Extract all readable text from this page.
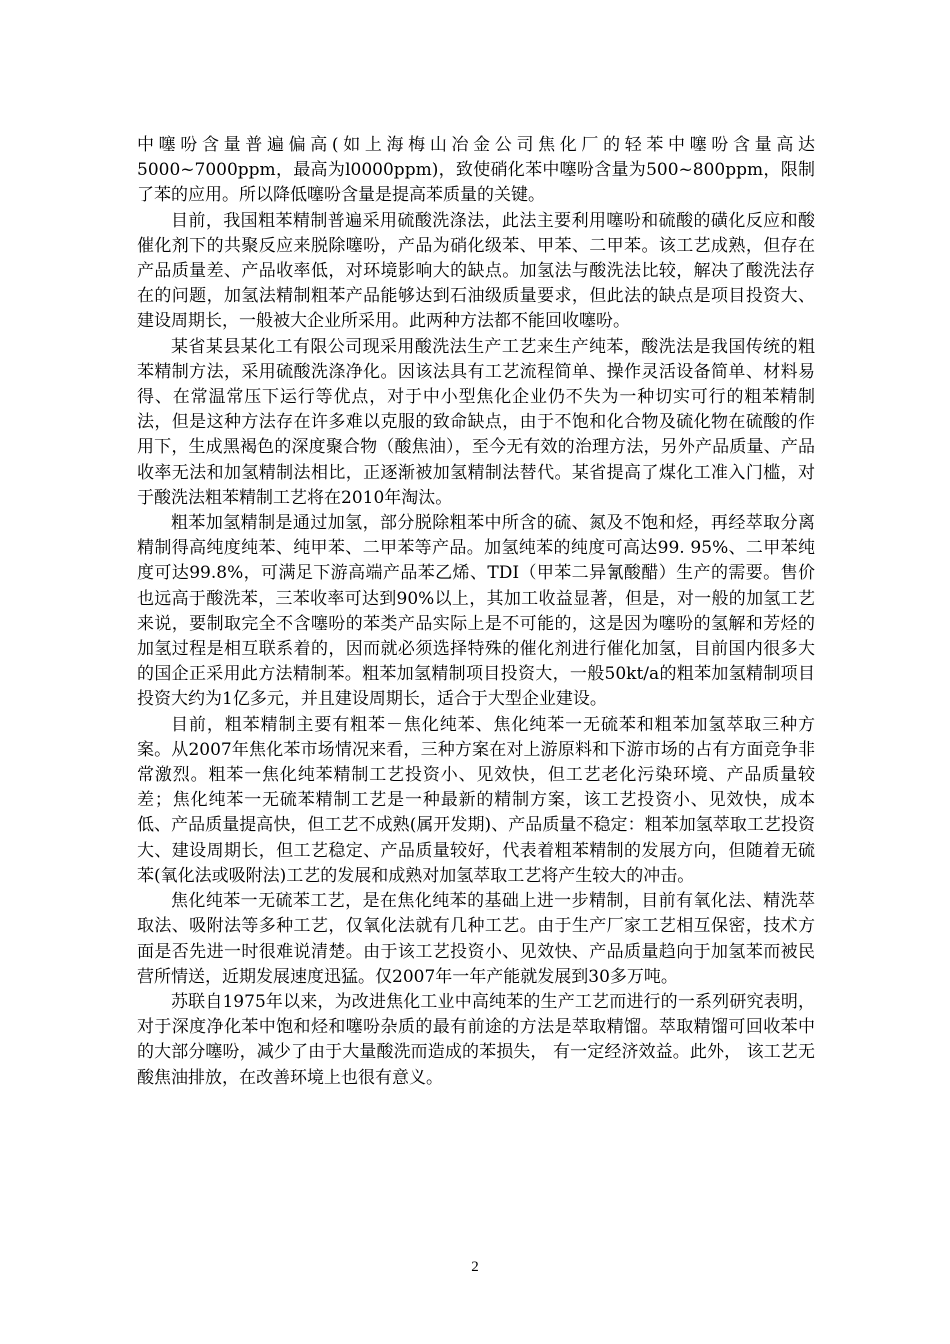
中噻吩含量普遍偏高(如上海梅山冶金公司焦化厂的轻苯中噻吩含量高达5000~7000ppm，最高为l0000ppm)，致使硝化苯中噻吩含量为500~800ppm，限制了苯的应用。所以降低噻吩含量是提高苯质量的关键。

目前，我国粗苯精制普遍采用硫酸洗涤法，此法主要利用噻吩和硫酸的磺化反应和酸催化剂下的共聚反应来脱除噻吩，产品为硝化级苯、甲苯、二甲苯。该工艺成熟，但存在产品质量差、产品收率低，对环境影响大的缺点。加氢法与酸洗法比较，解决了酸洗法存在的问题，加氢法精制粗苯产品能够达到石油级质量要求，但此法的缺点是项目投资大、建设周期长，一般被大企业所采用。此两种方法都不能回收噻吩。

某省某县某化工有限公司现采用酸洗法生产工艺来生产纯苯，酸洗法是我国传统的粗苯精制方法，采用硫酸洗涤净化。因该法具有工艺流程简单、操作灵活设备简单、材料易得、在常温常压下运行等优点，对于中小型焦化企业仍不失为一种切实可行的粗苯精制法，但是这种方法存在许多难以克服的致命缺点，由于不饱和化合物及硫化物在硫酸的作用下，生成黑褐色的深度聚合物（酸焦油），至今无有效的治理方法，另外产品质量、产品收率无法和加氢精制法相比，正逐渐被加氢精制法替代。某省提高了煤化工准入门槛，对于酸洗法粗苯精制工艺将在2010年淘汰。

粗苯加氢精制是通过加氢，部分脱除粗苯中所含的硫、氮及不饱和烃，再经萃取分离精制得高纯度纯苯、纯甲苯、二甲苯等产品。加氢纯苯的纯度可高达99. 95%、二甲苯纯度可达99.8%，可满足下游高端产品苯乙烯、TDI（甲苯二异氰酸醋）生产的需要。售价也远高于酸洗苯，三苯收率可达到90%以上，其加工收益显著，但是，对一般的加氢工艺来说，要制取完全不含噻吩的苯类产品实际上是不可能的，这是因为噻吩的氢解和芳烃的加氢过程是相互联系着的，因而就必须选择特殊的催化剂进行催化加氢，目前国内很多大的国企正采用此方法精制苯。粗苯加氢精制项目投资大，一般50kt/a的粗苯加氢精制项目投资大约为1亿多元，并且建设周期长，适合于大型企业建设。

目前，粗苯精制主要有粗苯－焦化纯苯、焦化纯苯一无硫苯和粗苯加氢萃取三种方案。从2007年焦化苯市场情况来看，三种方案在对上游原料和下游市场的占有方面竞争非常激烈。粗苯一焦化纯苯精制工艺投资小、见效快，但工艺老化污染环境、产品质量较差；焦化纯苯一无硫苯精制工艺是一种最新的精制方案，该工艺投资小、见效快，成本低、产品质量提高快，但工艺不成熟(属开发期)、产品质量不稳定：粗苯加氢萃取工艺投资大、建设周期长，但工艺稳定、产品质量较好，代表着粗苯精制的发展方向，但随着无硫苯(氧化法或吸附法)工艺的发展和成熟对加氢萃取工艺将产生较大的冲击。

焦化纯苯一无硫苯工艺，是在焦化纯苯的基础上进一步精制，目前有氧化法、精洗萃取法、吸附法等多种工艺，仅氧化法就有几种工艺。由于生产厂家工艺相互保密，技术方面是否先进一时很难说清楚。由于该工艺投资小、见效快、产品质量趋向于加氢苯而被民营所情送，近期发展速度迅猛。仅2007年一年产能就发展到30多万吨。

苏联自1975年以来，为改进焦化工业中高纯苯的生产工艺而进行的一系列研究表明，对于深度净化苯中饱和烃和噻吩杂质的最有前途的方法是萃取精馏。萃取精馏可回收苯中的大部分噻吩，减少了由于大量酸洗而造成的苯损失， 有一定经济效益。此外， 该工艺无酸焦油排放，在改善环境上也很有意义。

2
